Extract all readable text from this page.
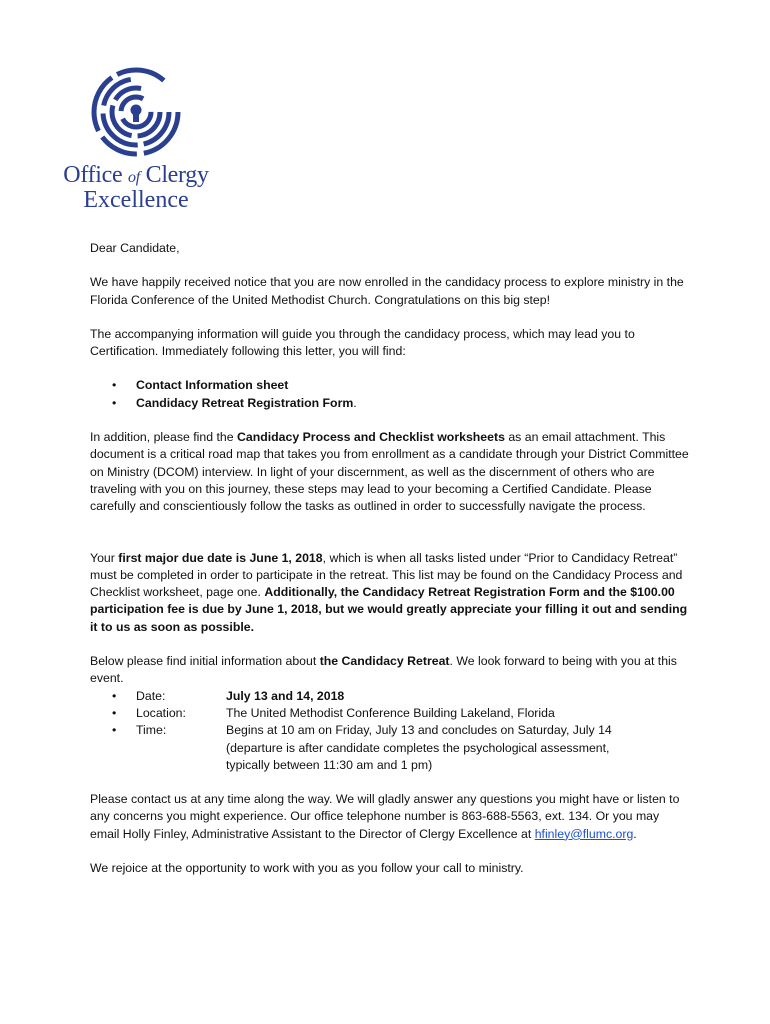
Office of Clergy
Excellence

Dear Candidate,

We have happily received notice that you are now enrolled in the candidacy process to explore ministry in the Florida Conference of the United Methodist Church. Congratulations on this big step!

The accompanying information will guide you through the candidacy process, which may lead you to Certification. Immediately following this letter, you will find:

• Contact Information sheet
• Candidacy Retreat Registration Form.

In addition, please find the Candidacy Process and Checklist worksheets as an email attachment. This document is a critical road map that takes you from enrollment as a candidate through your District Committee on Ministry (DCOM) interview. In light of your discernment, as well as the discernment of others who are traveling with you on this journey, these steps may lead to your becoming a Certified Candidate. Please carefully and conscientiously follow the tasks as outlined in order to successfully navigate the process.

Your first major due date is June 1, 2018, which is when all tasks listed under “Prior to Candidacy Retreat” must be completed in order to participate in the retreat. This list may be found on the Candidacy Process and Checklist worksheet, page one. Additionally, the Candidacy Retreat Registration Form and the $100.00 participation fee is due by June 1, 2018, but we would greatly appreciate your filling it out and sending it to us as soon as possible.

Below please find initial information about the Candidacy Retreat. We look forward to being with you at this event.

• Date:	July 13 and 14, 2018
• Location:	The United Methodist Conference Building Lakeland, Florida
• Time:	Begins at 10 am on Friday, July 13 and concludes on Saturday, July 14
(departure is after candidate completes the psychological assessment,
typically between 11:30 am and 1 pm)

Please contact us at any time along the way. We will gladly answer any questions you might have or listen to any concerns you might experience. Our office telephone number is 863-688-5563, ext. 134. Or you may email Holly Finley, Administrative Assistant to the Director of Clergy Excellence at hfinley@flumc.org.

We rejoice at the opportunity to work with you as you follow your call to ministry.
